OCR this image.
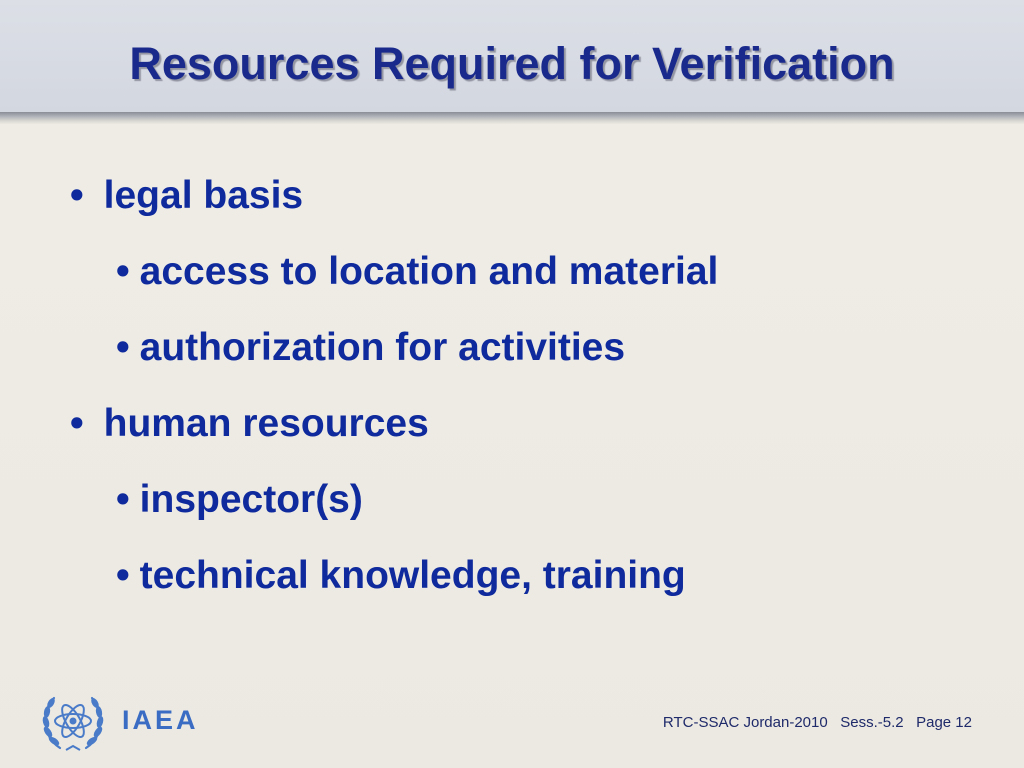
Resources Required for Verification
• legal basis
• access to location and material
• authorization for activities
• human resources
• inspector(s)
• technical knowledge, training
IAEA	RTC-SSAC Jordan-2010 Sess.-5.2 Page 12
